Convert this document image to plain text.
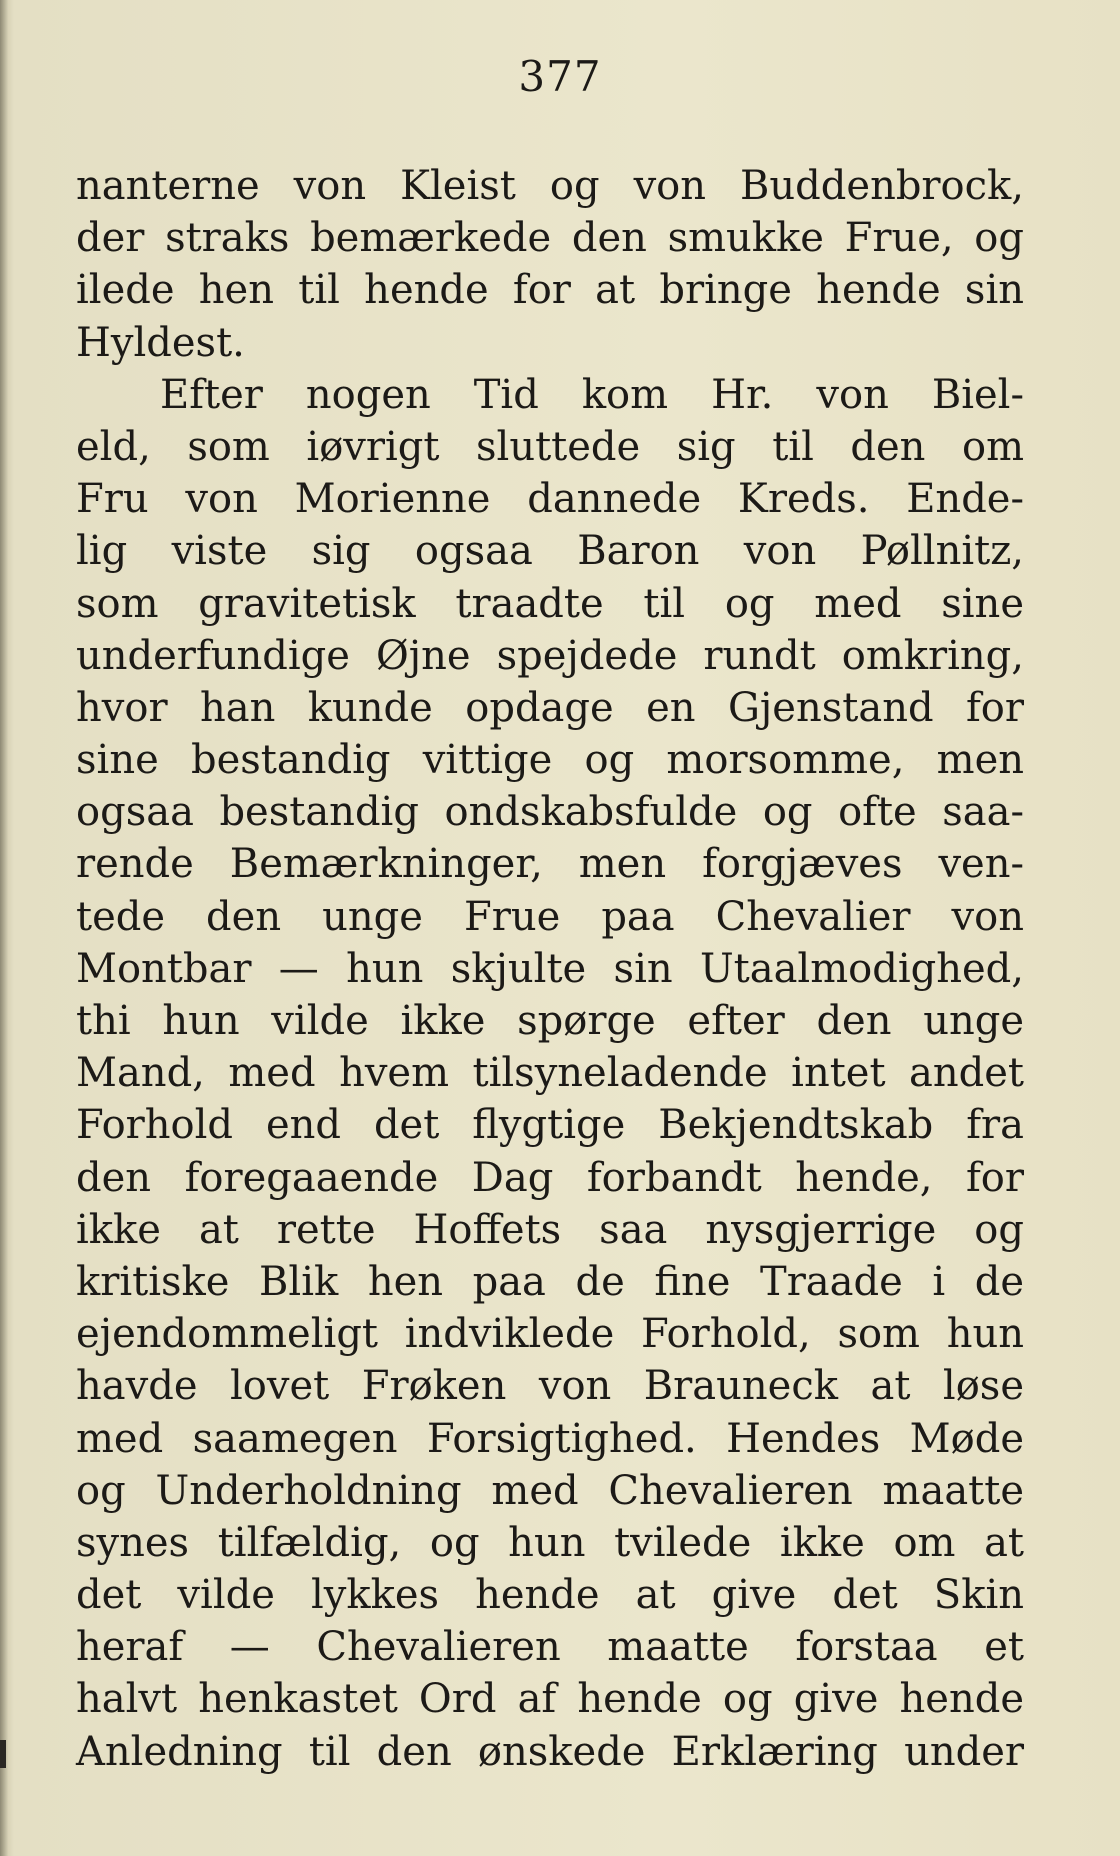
377
nanterne von Kleist og von Buddenbrock,
der straks bemærkede den smukke Frue, og
ilede hen til hende for at bringe hende sin
Hyldest.
Efter nogen Tid kom Hr. von Biel-
eld, som iøvrigt sluttede sig til den om
Fru von Morienne dannede Kreds. Ende-
lig viste sig ogsaa Baron von Pøllnitz,
som gravitetisk traadte til og med sine
underfundige Øjne spejdede rundt omkring,
hvor han kunde opdage en Gjenstand for
sine bestandig vittige og morsomme, men
ogsaa bestandig ondskabsfulde og ofte saa-
rende Bemærkninger, men forgjæves ven-
tede den unge Frue paa Chevalier von
Montbar — hun skjulte sin Utaalmodighed,
thi hun vilde ikke spørge efter den unge
Mand, med hvem tilsyneladende intet andet
Forhold end det flygtige Bekjendtskab fra
den foregaaende Dag forbandt hende, for
ikke at rette Hoffets saa nysgjerrige og
kritiske Blik hen paa de fine Traade i de
ejendommeligt indviklede Forhold, som hun
havde lovet Frøken von Brauneck at løse
med saamegen Forsigtighed. Hendes Møde
og Underholdning med Chevalieren maatte
synes tilfældig, og hun tvilede ikke om at
det vilde lykkes hende at give det Skin
heraf — Chevalieren maatte forstaa et
halvt henkastet Ord af hende og give hende
Anledning til den ønskede Erklæring under
